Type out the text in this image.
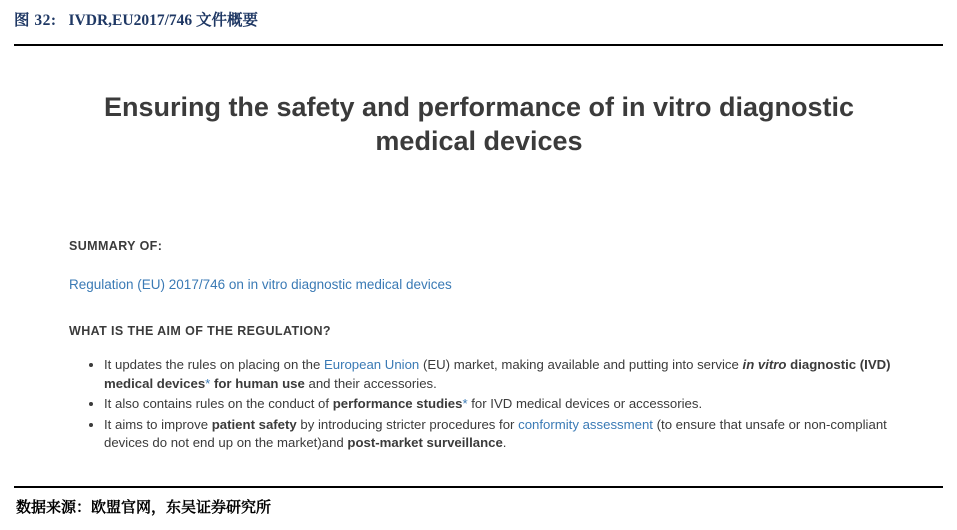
图 32: IVDR,EU2017/746 文件概要
Ensuring the safety and performance of in vitro diagnostic medical devices
SUMMARY OF:
Regulation (EU) 2017/746 on in vitro diagnostic medical devices
WHAT IS THE AIM OF THE REGULATION?
• It updates the rules on placing on the European Union (EU) market, making available and putting into service in vitro diagnostic (IVD) medical devices* for human use and their accessories.
• It also contains rules on the conduct of performance studies* for IVD medical devices or accessories.
• It aims to improve patient safety by introducing stricter procedures for conformity assessment (to ensure that unsafe or non-compliant devices do not end up on the market)and post-market surveillance.
数据来源：欧盟官网，东吴证券研究所
